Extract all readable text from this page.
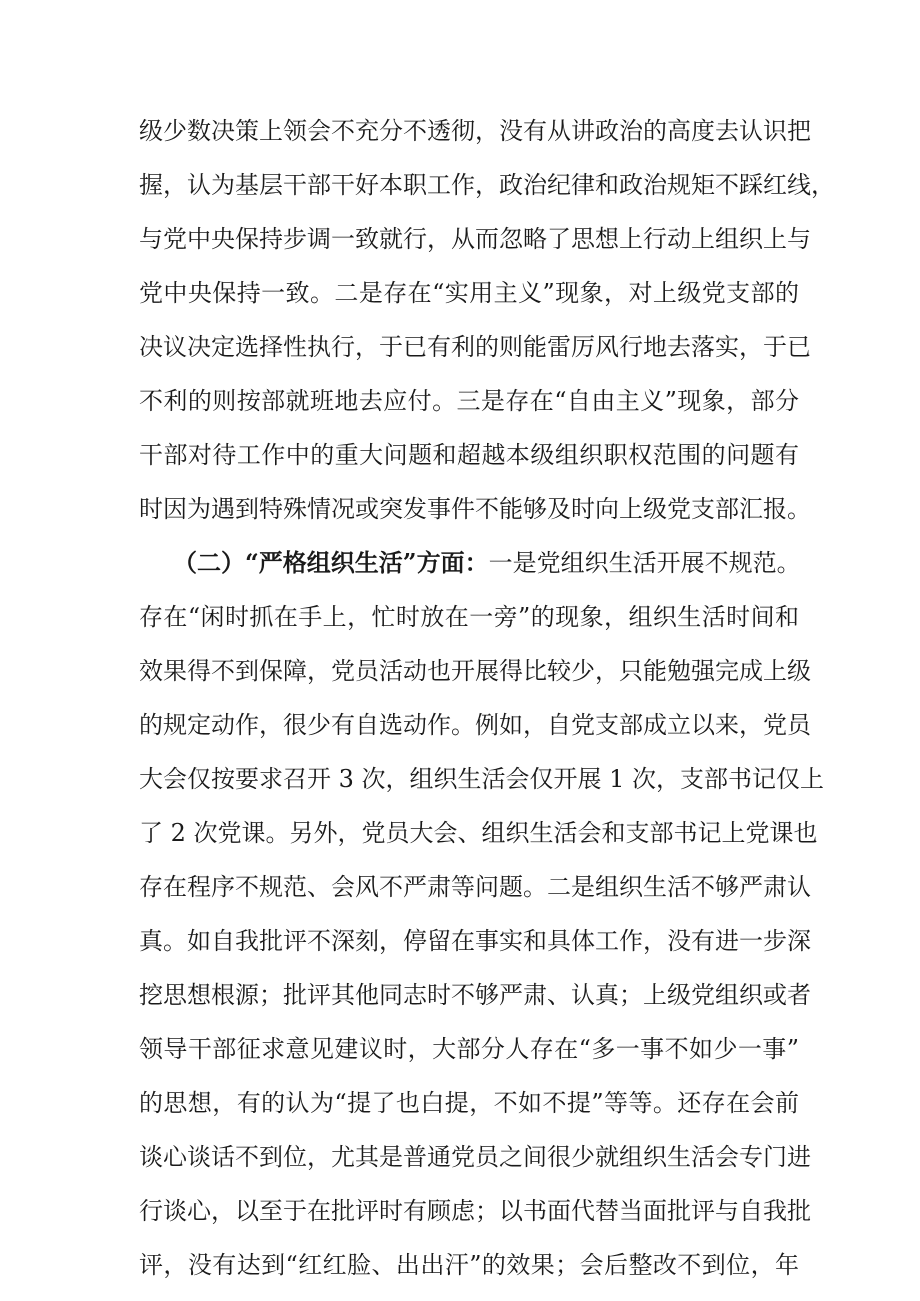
级少数决策上领会不充分不透彻，没有从讲政治的高度去认识把
握，认为基层干部干好本职工作，政治纪律和政治规矩不踩红线，
与党中央保持步调一致就行，从而忽略了思想上行动上组织上与
党中央保持一致。二是存在“实用主义”现象，对上级党支部的
决议决定选择性执行，于已有利的则能雷厉风行地去落实，于已
不利的则按部就班地去应付。三是存在“自由主义”现象，部分
干部对待工作中的重大问题和超越本级组织职权范围的问题有
时因为遇到特殊情况或突发事件不能够及时向上级党支部汇报。
（二）“严格组织生活”方面：一是党组织生活开展不规范。
存在“闲时抓在手上，忙时放在一旁”的现象，组织生活时间和
效果得不到保障，党员活动也开展得比较少，只能勉强完成上级
的规定动作，很少有自选动作。例如，自党支部成立以来，党员
大会仅按要求召开 3 次，组织生活会仅开展 1 次，支部书记仅上
了 2 次党课。另外，党员大会、组织生活会和支部书记上党课也
存在程序不规范、会风不严肃等问题。二是组织生活不够严肃认
真。如自我批评不深刻，停留在事实和具体工作，没有进一步深
挖思想根源；批评其他同志时不够严肃、认真；上级党组织或者
领导干部征求意见建议时，大部分人存在“多一事不如少一事”
的思想，有的认为“提了也白提，不如不提”等等。还存在会前
谈心谈话不到位，尤其是普通党员之间很少就组织生活会专门进
行谈心，以至于在批评时有顾虑；以书面代替当面批评与自我批
评，没有达到“红红脸、出出汗”的效果；会后整改不到位，年
